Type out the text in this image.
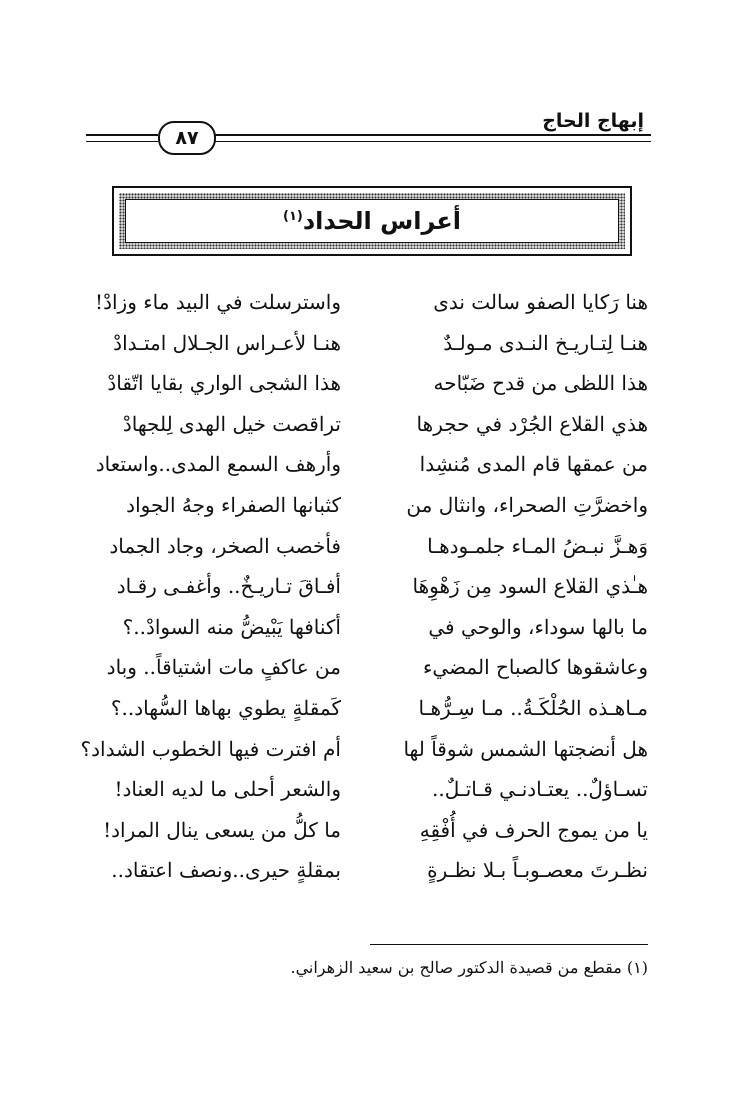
إبهاج الحاج
٨٧
أعراس الحداد$^{(١)}$
هنا رَكايا الصفو سالت ندى
هنـا لِتـاريـخ النـدى مـولـدٌ
هذا اللظى من قدح ضَبّاحه
هذي القلاع الجُرْد في حجرها
من عمقها قام المدى مُنشِدا
واخضرَّتِ الصحراء، وانثال من
وَهـزَّ نبـضُ المـاء جلمـودهـا
هـٰذي القلاع السود مِن زَهْوِهَا
ما بالها سوداء، والوحي في
وعاشقوها كالصباح المضيء
مـاهـذه الحُلْكَـةُ.. مـا سِـرُّهـا
هل أنضجتها الشمس شوقاً لها
تسـاؤلٌ.. يعتـادنـي قـاتـلٌ..
يا من يموج الحرف في أُفْقِهِ
نظـرتَ معصـوبـاً بـلا نظـرةٍ
واسترسلت في البيد ماء وزادْ!
هنـا لأعـراس الجـلال امتـدادْ
هذا الشجى الواري بقايا اتّقادْ
تراقصت خيل الهدى لِلجهادْ
وأرهف السمع المدى..واستعاد
كثبانها الصفراء وجهُ الجواد
فأخصب الصخر، وجاد الجماد
أفـاقَ تـاريـخٌ.. وأغفـى رقـاد
أكنافها يَبْيضُّ منه السوادْ..؟
من عاكفٍ مات اشتياقاً.. وباد
كَمقلةٍ يطوي بهاها السُّهاد..؟
أم افترت فيها الخطوب الشداد؟
والشعر أحلى ما لديه العناد!
ما كلُّ من يسعى ينال المراد!
بمقلةٍ حيرى..ونصف اعتقاد..
(١) مقطع من قصيدة الدكتور صالح بن سعيد الزهراني.
